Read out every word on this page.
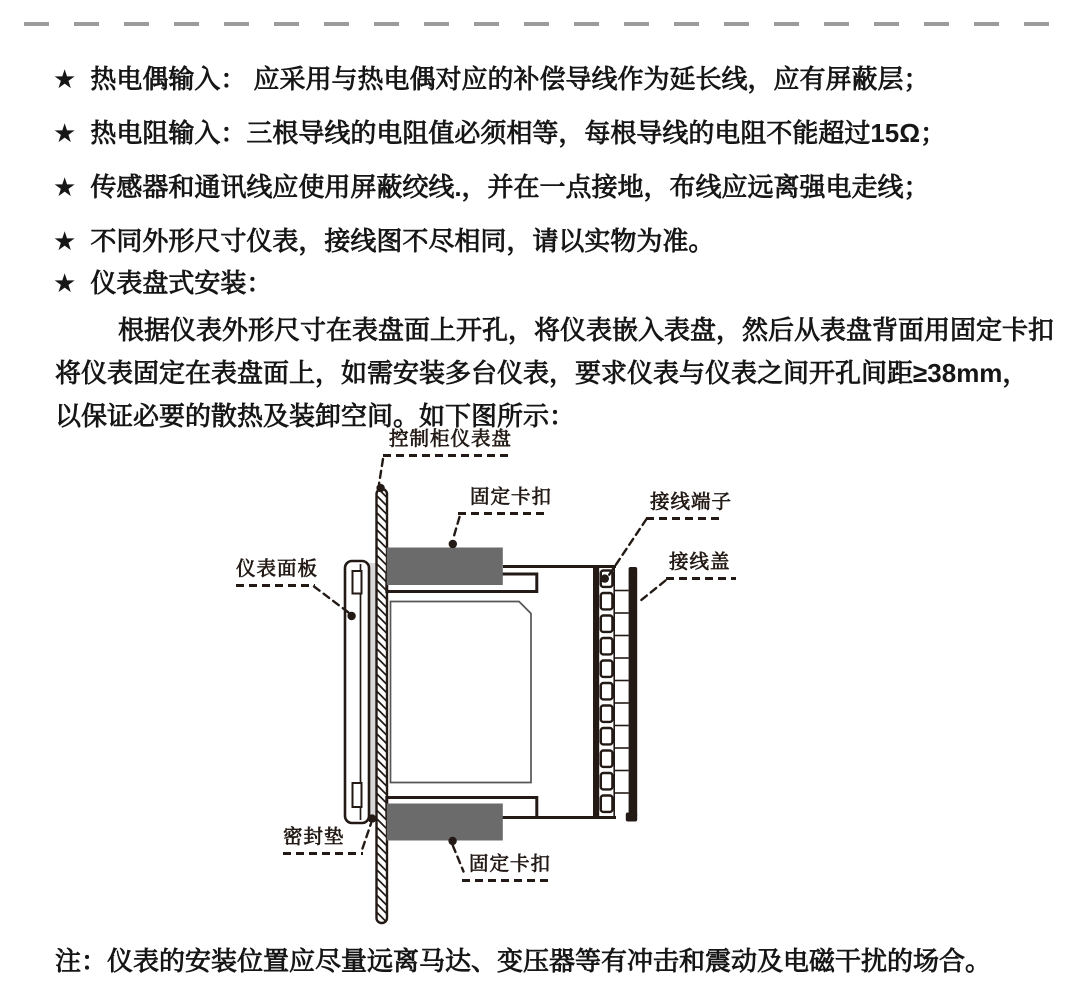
★ 热电偶输入： 应采用与热电偶对应的补偿导线作为延长线，应有屏蔽层；
★ 热电阻输入：三根导线的电阻值必须相等，每根导线的电阻不能超过15Ω；
★ 传感器和通讯线应使用屏蔽绞线.，并在一点接地，布线应远离强电走线；
★ 不同外形尺寸仪表，接线图不尽相同，请以实物为准。
★ 仪表盘式安装：
根据仪表外形尺寸在表盘面上开孔，将仪表嵌入表盘，然后从表盘背面用固定卡扣
将仪表固定在表盘面上，如需安装多台仪表，要求仪表与仪表之间开孔间距≥38mm，
以保证必要的散热及装卸空间。如下图所示：
控制柜仪表盘
固定卡扣	接线端子
接线盖
仪表面板
密封垫
固定卡扣
注：仪表的安装位置应尽量远离马达、变压器等有冲击和震动及电磁干扰的场合。
